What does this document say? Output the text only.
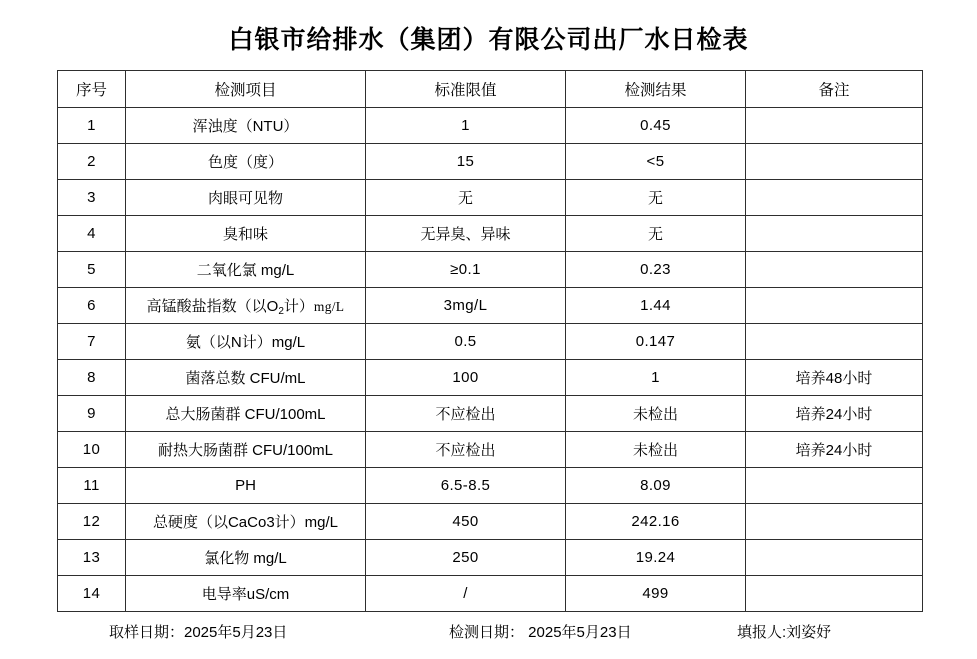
白银市给排水（集团）有限公司出厂水日检表
序号	检测项目	标准限值	检测结果	备注
1	浑浊度（NTU）	1	0.45	
2	色度（度）	15	<5	
3	肉眼可见物	无	无	
4	臭和味	无异臭、异味	无	
5	二氧化氯 mg/L	≥0.1	0.23	
6	高锰酸盐指数（以$O_2$计）mg/L	3mg/L	1.44	
7	氨（以N计）mg/L	0.5	0.147	
8	菌落总数 CFU/mL	100	1	培养48小时
9	总大肠菌群 CFU/100mL	不应检出	未检出	培养24小时
10	耐热大肠菌群 CFU/100mL	不应检出	未检出	培养24小时
11	PH	6.5-8.5	8.09	
12	总硬度（以CaCo3计）mg/L	450	242.16	
13	氯化物 mg/L	250	19.24	
14	电导率uS/cm	/	499	
取样日期：2025年5月23日	检测日期： 2025年5月23日	填报人:刘姿妤
